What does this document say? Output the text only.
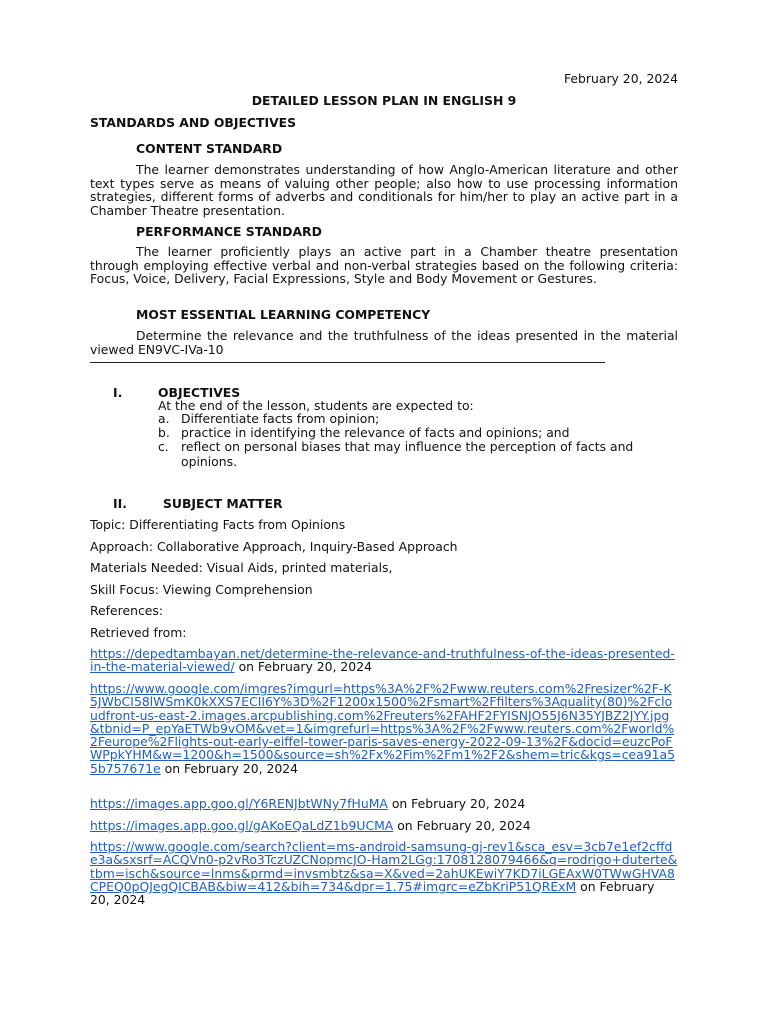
February 20, 2024
DETAILED LESSON PLAN IN ENGLISH 9
STANDARDS AND OBJECTIVES
CONTENT STANDARD
The learner demonstrates understanding of how Anglo-American literature and other text types serve as means of valuing other people; also how to use processing information strategies, different forms of adverbs and conditionals for him/her to play an active part in a Chamber Theatre presentation.
PERFORMANCE STANDARD
The learner proficiently plays an active part in a Chamber theatre presentation through employing effective verbal and non-verbal strategies based on the following criteria: Focus, Voice, Delivery, Facial Expressions, Style and Body Movement or Gestures.
MOST ESSENTIAL LEARNING COMPETENCY
Determine the relevance and the truthfulness of the ideas presented in the material viewed EN9VC-IVa-10
I.	OBJECTIVES
At the end of the lesson, students are expected to:
a. Differentiate facts from opinion;
b. practice in identifying the relevance of facts and opinions; and
c. reflect on personal biases that may influence the perception of facts and opinions.
II.	SUBJECT MATTER
Topic: Differentiating Facts from Opinions
Approach: Collaborative Approach, Inquiry-Based Approach
Materials Needed: Visual Aids, printed materials,
Skill Focus: Viewing Comprehension
References:
Retrieved from:
https://depedtambayan.net/determine-the-relevance-and-truthfulness-of-the-ideas-presented-in-the-material-viewed/ on February 20, 2024
https://www.google.com/imgres?imgurl=https%3A%2F%2Fwww.reuters.com%2Fresizer%2F-K5JWbCI58lWSmK0kXXS7ECII6Y%3D%2F1200x1500%2Fsmart%2Ffilters%3Aquality(80)%2Fcloudfront-us-east-2.images.arcpublishing.com%2Freuters%2FAHF2FYISNJO55J6N35YJBZ2JYY.jpg&tbnid=P_epYaETWb9vOM&vet=1&imgrefurl=https%3A%2F%2Fwww.reuters.com%2Fworld%2Feurope%2Flights-out-early-eiffel-tower-paris-saves-energy-2022-09-13%2F&docid=euzcPoFWPpkYHM&w=1200&h=1500&source=sh%2Fx%2Fim%2Fm1%2F2&shem=tric&kgs=cea91a55b757671e on February 20, 2024
https://images.app.goo.gl/Y6RENJbtWNy7fHuMA on February 20, 2024
https://images.app.goo.gl/gAKoEQaLdZ1b9UCMA on February 20, 2024
https://www.google.com/search?client=ms-android-samsung-gj-rev1&sca_esv=3cb7e1ef2cffde3a&sxsrf=ACQVn0-p2vRo3TczUZCNopmcJO-Ham2LGg:1708128079466&q=rodrigo+duterte&tbm=isch&source=lnms&prmd=invsmbtz&sa=X&ved=2ahUKEwiY7KD7iLGEAxW0TWwGHVA8CPEQ0pQJegQICBAB&biw=412&bih=734&dpr=1.75#imgrc=eZbKriP51QRExM on February 20, 2024
